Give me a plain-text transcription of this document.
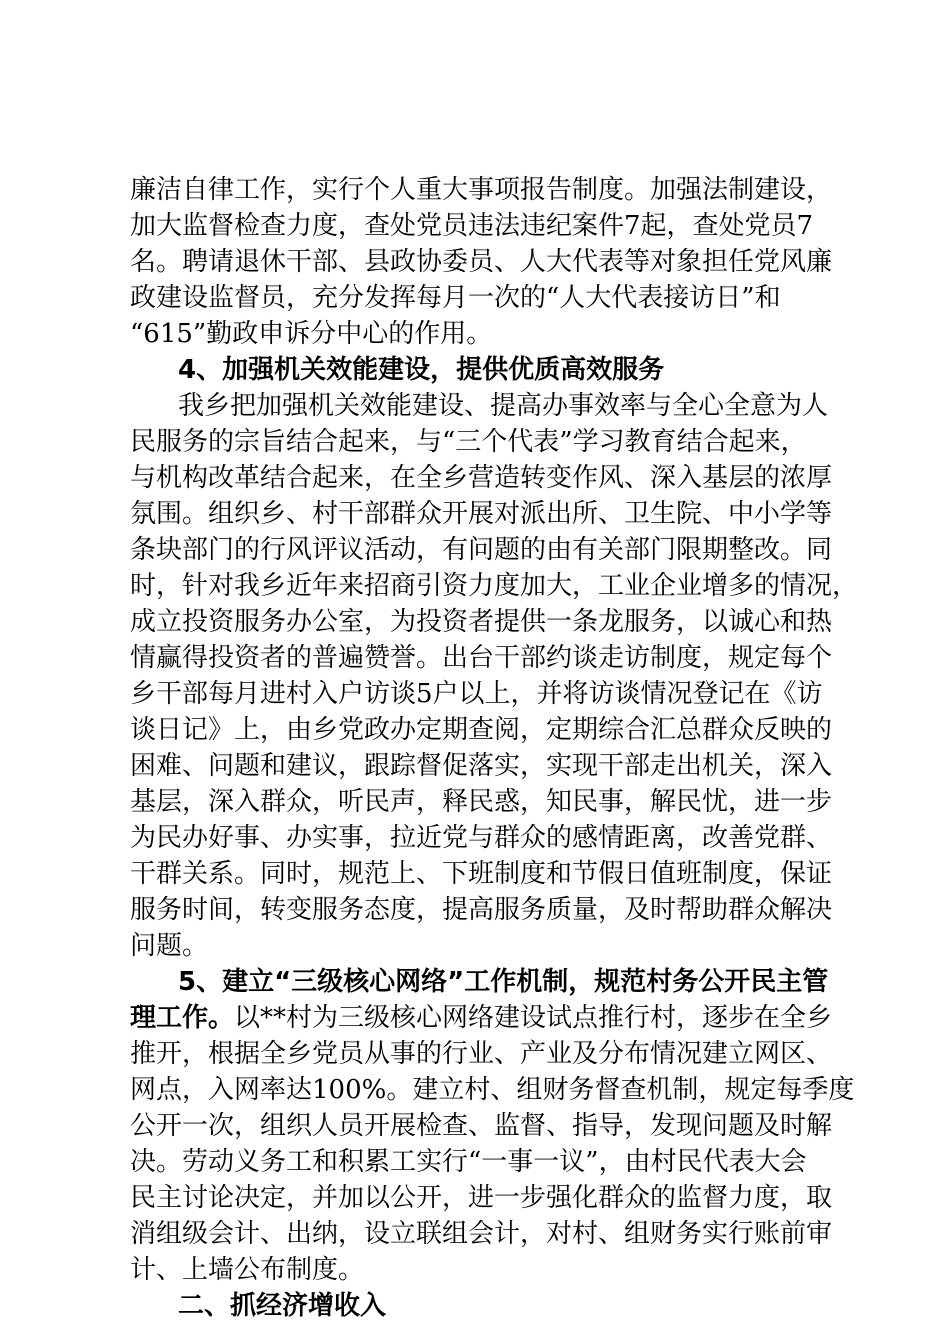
廉洁自律工作，实行个人重大事项报告制度。加强法制建设，
加大监督检查力度，查处党员违法违纪案件7起，查处党员7
名。聘请退休干部、县政协委员、人大代表等对象担任党风廉
政建设监督员，充分发挥每月一次的“人大代表接访日”和
“615”勤政申诉分中心的作用。
4、加强机关效能建设，提供优质高效服务
我乡把加强机关效能建设、提高办事效率与全心全意为人
民服务的宗旨结合起来，与“三个代表”学习教育结合起来，
与机构改革结合起来，在全乡营造转变作风、深入基层的浓厚
氛围。组织乡、村干部群众开展对派出所、卫生院、中小学等
条块部门的行风评议活动，有问题的由有关部门限期整改。同
时，针对我乡近年来招商引资力度加大，工业企业增多的情况，
成立投资服务办公室，为投资者提供一条龙服务，以诚心和热
情赢得投资者的普遍赞誉。出台干部约谈走访制度，规定每个
乡干部每月进村入户访谈5户以上，并将访谈情况登记在《访
谈日记》上，由乡党政办定期查阅，定期综合汇总群众反映的
困难、问题和建议，跟踪督促落实，实现干部走出机关，深入
基层，深入群众，听民声，释民惑，知民事，解民忧，进一步
为民办好事、办实事，拉近党与群众的感情距离，改善党群、
干群关系。同时，规范上、下班制度和节假日值班制度，保证
服务时间，转变服务态度，提高服务质量，及时帮助群众解决
问题。
5、建立“三级核心网络”工作机制，规范村务公开民主管
理工作。以**村为三级核心网络建设试点推行村，逐步在全乡
推开，根据全乡党员从事的行业、产业及分布情况建立网区、
网点，入网率达100%。建立村、组财务督查机制，规定每季度
公开一次，组织人员开展检查、监督、指导，发现问题及时解
决。劳动义务工和积累工实行“一事一议”，由村民代表大会
民主讨论决定，并加以公开，进一步强化群众的监督力度，取
消组级会计、出纳，设立联组会计，对村、组财务实行账前审
计、上墙公布制度。
二、抓经济增收入
